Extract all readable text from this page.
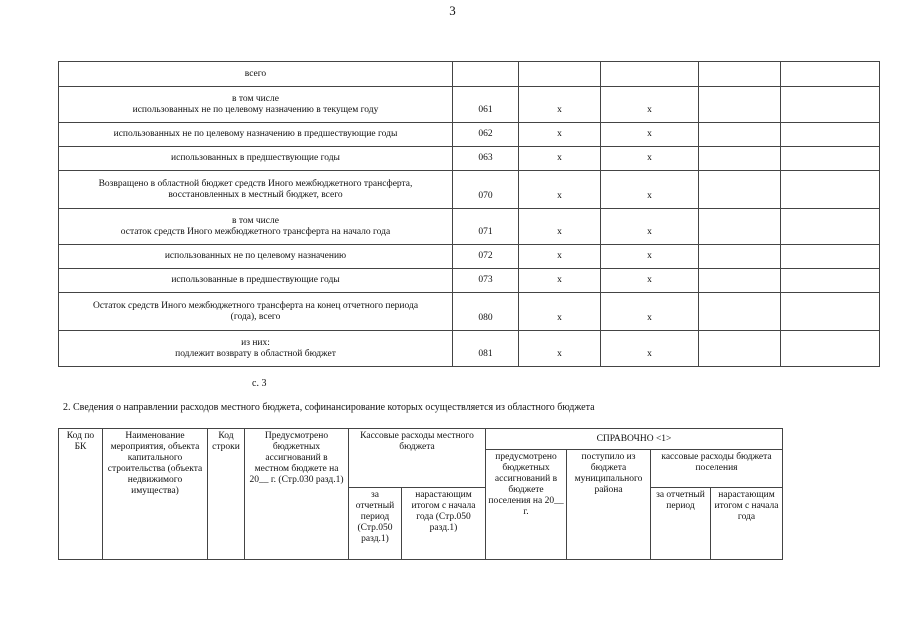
3
всего					

в том числе
использованных не по целевому назначению в текущем году	061	x	x		

использованных не по целевому назначению в предшествующие годы	062	x	x		

использованных в предшествующие годы	063	x	x		

Возвращено в областной бюджет средств Иного межбюджетного трансферта,
восстановленных в местный бюджет, всего	070	x	x		

в том числе
остаток средств Иного межбюджетного трансферта на начало года	071	x	x		

использованных не по целевому назначению	072	x	x		

использованные в предшествующие годы	073	x	x		

Остаток средств Иного межбюджетного трансферта на конец отчетного периода
(года), всего	080	x	x		

из них:
подлежит возврату в областной бюджет	081	x	x		
с. 3
2. Сведения о направлении расходов местного бюджета, софинансирование которых осуществляется из областного бюджета
Код по БК	Наименование мероприятия, объекта капитального строительства (объекта недвижимого имущества)	Код строки	Предусмотрено бюджетных ассигнований в местном бюджете на 20__ г. (Стр.030 разд.1)	Кассовые расходы местного бюджета		СПРАВОЧНО <1>			
						предусмотрено бюджетных ассигнований в бюджете поселения на 20__ г.	поступило из бюджета муниципального района	кассовые расходы бюджета поселения	
				за отчетный период (Стр.050 разд.1)	нарастающим итогом с начала года (Стр.050 разд.1)			за отчетный период	нарастающим итогом с начала года
